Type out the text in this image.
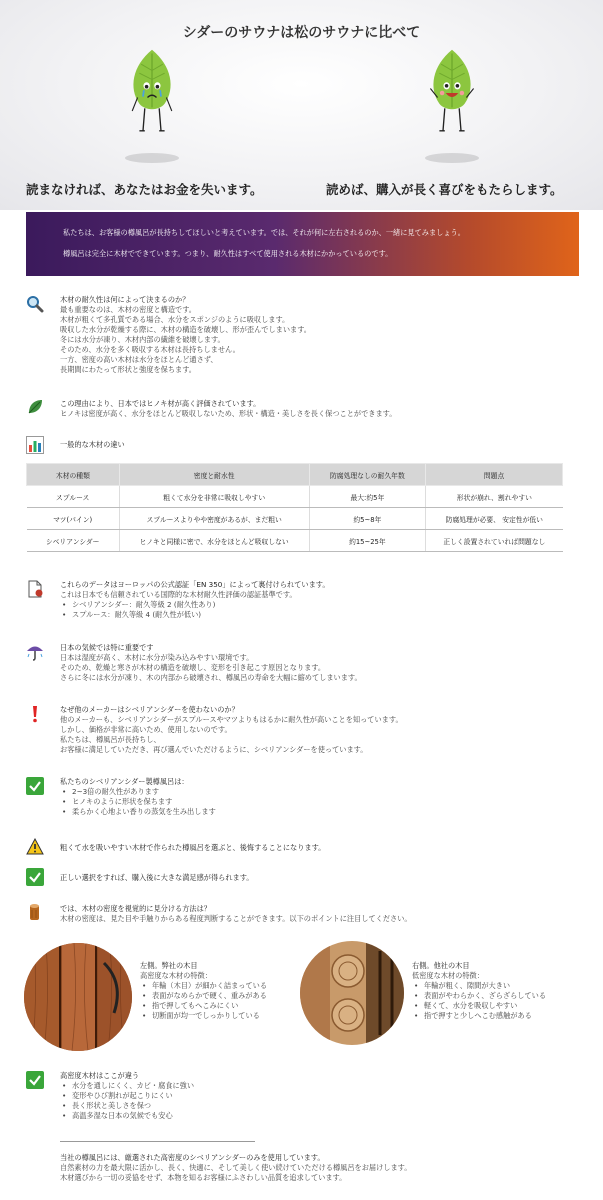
シダーのサウナは松のサウナに比べて
読まなければ、あなたはお金を失います。	読めば、購入が長く喜びをもたらします。

私たちは、お客様の樽風呂が長持ちしてほしいと考えています。では、それが何に左右されるのか、一緒に見てみましょう。

樽風呂は完全に木材でできています。つまり、耐久性はすべて使用される木材にかかっているのです。

木材の耐久性は何によって決まるのか？
最も重要なのは、木材の密度と構造です。
木材が粗くて多孔質である場合、水分をスポンジのように吸収します。
吸収した水分が乾燥する際に、木材の構造を破壊し、形が歪んでしまいます。
冬には水分が凍り、木材内部の繊維を破壊します。
そのため、水分を多く吸収する木材は長持ちしません。
一方、密度の高い木材は水分をほとんど通さず、
長期間にわたって形状と強度を保ちます。
この理由により、日本ではヒノキ材が高く評価されています。
ヒノキは密度が高く、水分をほとんど吸収しないため、形状・構造・美しさを長く保つことができます。
一般的な木材の違い
木材の種類	密度と耐水性	防腐処理なしの耐久年数	問題点
スプルース	粗くて水分を非常に吸収しやすい	最大:約5年	形状が崩れ、割れやすい
マツ(パイン)	スプルースよりやや密度があるが、まだ粗い	約5~8年	防腐処理が必要、 安定性が低い
シベリアンシダー	ヒノキと同様に密で、水分をほとんど吸収しない	約15~25年	正しく設置されていれば問題なし
これらのデータはヨーロッパの公式認証「EN 350」によって裏付けられています。
これは日本でも信頼されている国際的な木材耐久性評価の認証基準です。
• シベリアンシダー：耐久等級 2 (耐久性あり)
• スプルース：耐久等級 4 (耐久性が低い)
日本の気候では特に重要です
日本は湿度が高く、木材に水分が染み込みやすい環境です。
そのため、乾燥と寒さが木材の構造を破壊し、変形を引き起こす原因となります。
さらに冬には水分が凍り、木の内部から破壊され、樽風呂の寿命を大幅に縮めてしまいます。
なぜ他のメーカーはシベリアンシダーを使わないのか？
他のメーカーも、シベリアンシダーがスプルースやマツよりもはるかに耐久性が高いことを知っています。
しかし、価格が非常に高いため、使用しないのです。
私たちは、樽風呂が長持ちし、
お客様に満足していただき、再び選んでいただけるように、シベリアンシダーを使っています。
私たちのシベリアンシダー製樽風呂は：
• 2~3倍の耐久性があります
• ヒノキのように形状を保ちます
• 柔らかく心地よい香りの蒸気を生み出します
粗くて水を吸いやすい木材で作られた樽風呂を選ぶと、後悔することになります。
正しい選択をすれば、購入後に大きな満足感が得られます。
では、木材の密度を視覚的に見分ける方法は？
木材の密度は、見た目や手触りからある程度判断することができます。以下のポイントに注目してください。
左側。弊社の木目
高密度な木材の特徴：
• 年輪（木目）が細かく詰まっている
• 表面がなめらかで硬く、重みがある
• 指で押してもへこみにくい
• 切断面が均一でしっかりしている
右側。他社の木目
低密度な木材の特徴：
• 年輪が粗く、隙間が大きい
• 表面がやわらかく、ざらざらしている
• 軽くて、水分を吸収しやすい
• 指で押すと少しへこむ感触がある
高密度木材はここが違う
• 水分を通しにくく、カビ・腐食に強い
• 変形やひび割れが起こりにくい
• 長く形状と美しさを保つ
• 高温多湿な日本の気候でも安心
当社の樽風呂には、厳選された高密度のシベリアンシダーのみを使用しています。
自然素材の力を最大限に活かし、長く、快適に、そして美しく使い続けていただける樽風呂をお届けします。
木材選びから一切の妥協をせず、本物を知るお客様にふさわしい品質を追求しています。
